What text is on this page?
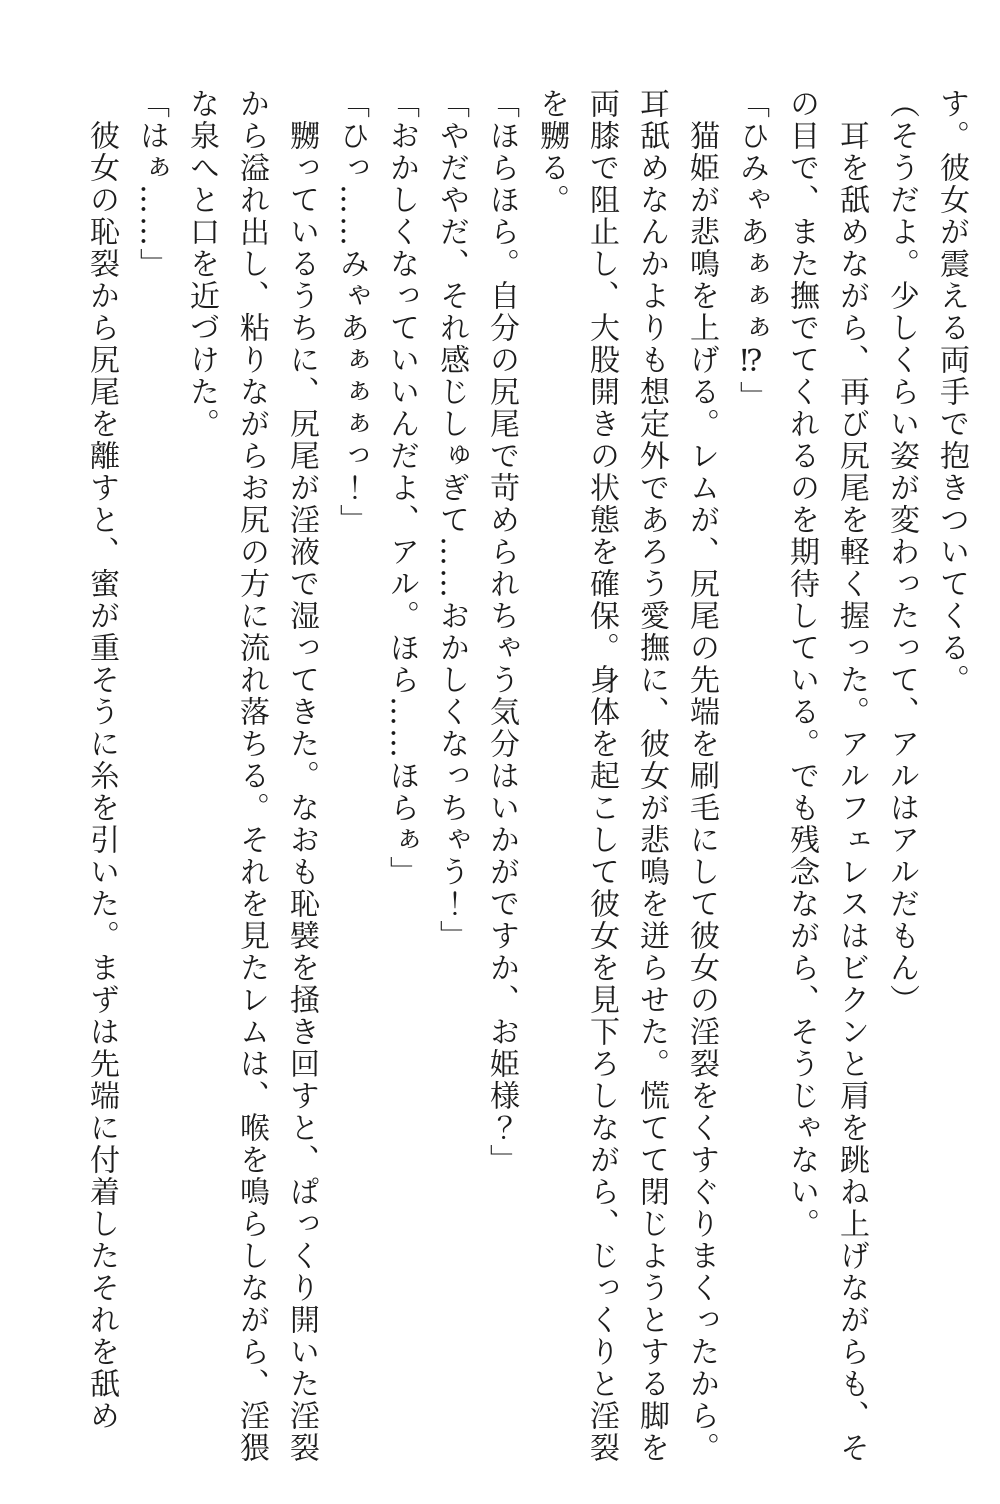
す。彼女が震える両手で抱きついてくる。

（そうだよ。少しくらい姿が変わったって、アルはアルだもん）

　耳を舐めながら、再び尻尾を軽く握った。アルフェレスはビクンと肩を跳ね上げながらも、そ

の目で、また撫でてくれるのを期待している。でも残念ながら、そうじゃない。

「ひみゃあぁぁぁ⁉」

　猫姫が悲鳴を上げる。レムが、尻尾の先端を刷毛にして彼女の淫裂をくすぐりまくったから。

耳舐めなんかよりも想定外であろう愛撫に、彼女が悲鳴を迸らせた。慌てて閉じようとする脚を

両膝で阻止し、大股開きの状態を確保。身体を起こして彼女を見下ろしながら、じっくりと淫裂

を嬲る。

「ほらほら。自分の尻尾で苛められちゃう気分はいかがですか、お姫様？」

「やだやだ、それ感じしゅぎて……おかしくなっちゃう！」

「おかしくなっていいんだよ、アル。ほら……ほらぁ」

「ひっ……みゃあぁぁぁっ！」

　嬲っているうちに、尻尾が淫液で湿ってきた。なおも恥襞を掻き回すと、ぱっくり開いた淫裂

から溢れ出し、粘りながらお尻の方に流れ落ちる。それを見たレムは、喉を鳴らしながら、淫猥

な泉へと口を近づけた。

「はぁ……」

　彼女の恥裂から尻尾を離すと、蜜が重そうに糸を引いた。まずは先端に付着したそれを舐め
